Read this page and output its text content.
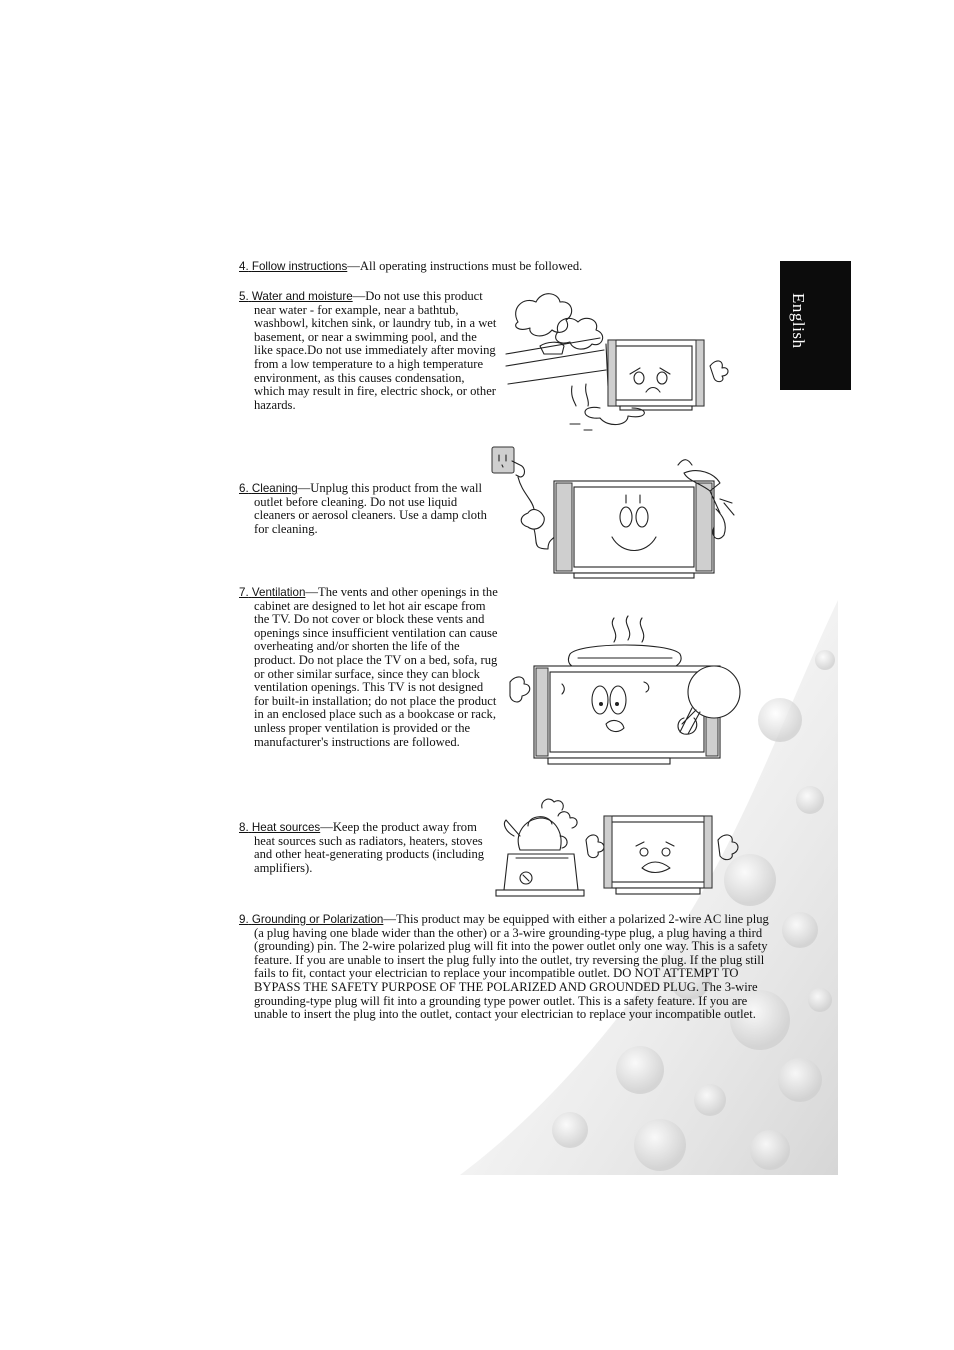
English
4. Follow instructions—All operating instructions must be followed.
5. Water and moisture—Do not use this product near water - for example, near a bathtub, washbowl, kitchen sink, or laundry tub, in a wet basement, or near a swimming pool, and the like space.Do not use immediately after moving from a low temperature to a high temperature environment, as this causes condensation, which may result in fire, electric shock, or other hazards.
6. Cleaning—Unplug this product from the wall outlet before cleaning. Do not use liquid cleaners or aerosol cleaners. Use a damp cloth for cleaning.
7. Ventilation—The vents and other openings in the cabinet are designed to let hot air escape from the TV. Do not cover or block these vents and openings since insufficient ventilation can cause overheating and/or shorten the life of the product. Do not place the TV on a bed, sofa, rug or other similar surface, since they can block ventilation openings. This TV is not designed for built-in installation; do not place the product in an enclosed place such as a bookcase or rack, unless proper ventilation is provided or the manufacturer's instructions are followed.
8. Heat sources—Keep the product away from heat sources such as radiators, heaters, stoves and other heat-generating products (including amplifiers).
9. Grounding or Polarization—This product may be equipped with either a polarized 2-wire AC line plug (a plug having one blade wider than the other) or a 3-wire grounding-type plug, a plug having a third (grounding) pin. The 2-wire polarized plug will fit into the power outlet only one way. This is a safety feature. If you are unable to insert the plug fully into the outlet, try reversing the plug. If the plug still fails to fit, contact your electrician to replace your incompatible outlet. DO NOT ATTEMPT TO BYPASS THE SAFETY PURPOSE OF THE POLARIZED AND GROUNDED PLUG. The 3-wire grounding-type plug will fit into a grounding type power outlet. This is a safety feature. If you are unable to insert the plug into the outlet, contact your electrician to replace your incompatible outlet.
